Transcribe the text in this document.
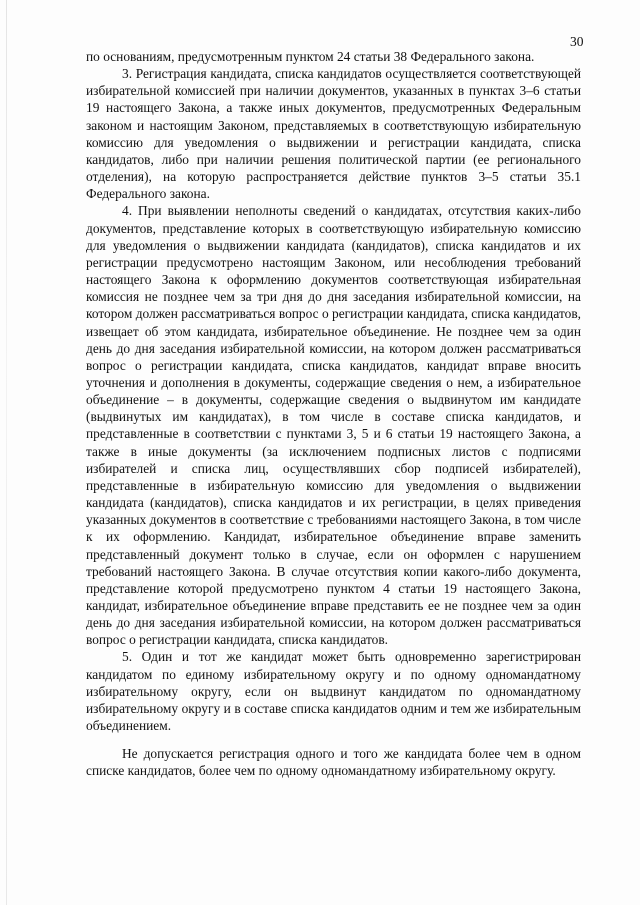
30

по основаниям, предусмотренным пунктом 24 статьи 38 Федерального закона.

3. Регистрация кандидата, списка кандидатов осуществляется соответствующей избирательной комиссией при наличии документов, указанных в пунктах 3–6 статьи 19 настоящего Закона, а также иных документов, предусмотренных Федеральным законом и настоящим Законом, представляемых в соответствующую избирательную комиссию для уведомления о выдвижении и регистрации кандидата, списка кандидатов, либо при наличии решения политической партии (ее регионального отделения), на которую распространяется действие пунктов 3–5 статьи 35.1 Федерального закона.

4. При выявлении неполноты сведений о кандидатах, отсутствия каких-либо документов, представление которых в соответствующую избирательную комиссию для уведомления о выдвижении кандидата (кандидатов), списка кандидатов и их регистрации предусмотрено настоящим Законом, или несоблюдения требований настоящего Закона к оформлению документов соответствующая избирательная комиссия не позднее чем за три дня до дня заседания избирательной комиссии, на котором должен рассматриваться вопрос о регистрации кандидата, списка кандидатов, извещает об этом кандидата, избирательное объединение. Не позднее чем за один день до дня заседания избирательной комиссии, на котором должен рассматриваться вопрос о регистрации кандидата, списка кандидатов, кандидат вправе вносить уточнения и дополнения в документы, содержащие сведения о нем, а избирательное объединение – в документы, содержащие сведения о выдвинутом им кандидате (выдвинутых им кандидатах), в том числе в составе списка кандидатов, и представленные в соответствии с пунктами 3, 5 и 6 статьи 19 настоящего Закона, а также в иные документы (за исключением подписных листов с подписями избирателей и списка лиц, осуществлявших сбор подписей избирателей), представленные в избирательную комиссию для уведомления о выдвижении кандидата (кандидатов), списка кандидатов и их регистрации, в целях приведения указанных документов в соответствие с требованиями настоящего Закона, в том числе к их оформлению. Кандидат, избирательное объединение вправе заменить представленный документ только в случае, если он оформлен с нарушением требований настоящего Закона. В случае отсутствия копии какого-либо документа, представление которой предусмотрено пунктом 4 статьи 19 настоящего Закона, кандидат, избирательное объединение вправе представить ее не позднее чем за один день до дня заседания избирательной комиссии, на котором должен рассматриваться вопрос о регистрации кандидата, списка кандидатов.

5. Один и тот же кандидат может быть одновременно зарегистрирован кандидатом по единому избирательному округу и по одному одномандатному избирательному округу, если он выдвинут кандидатом по одномандатному избирательному округу и в составе списка кандидатов одним и тем же избирательным объединением.

Не допускается регистрация одного и того же кандидата более чем в одном списке кандидатов, более чем по одному одномандатному избирательному округу.
